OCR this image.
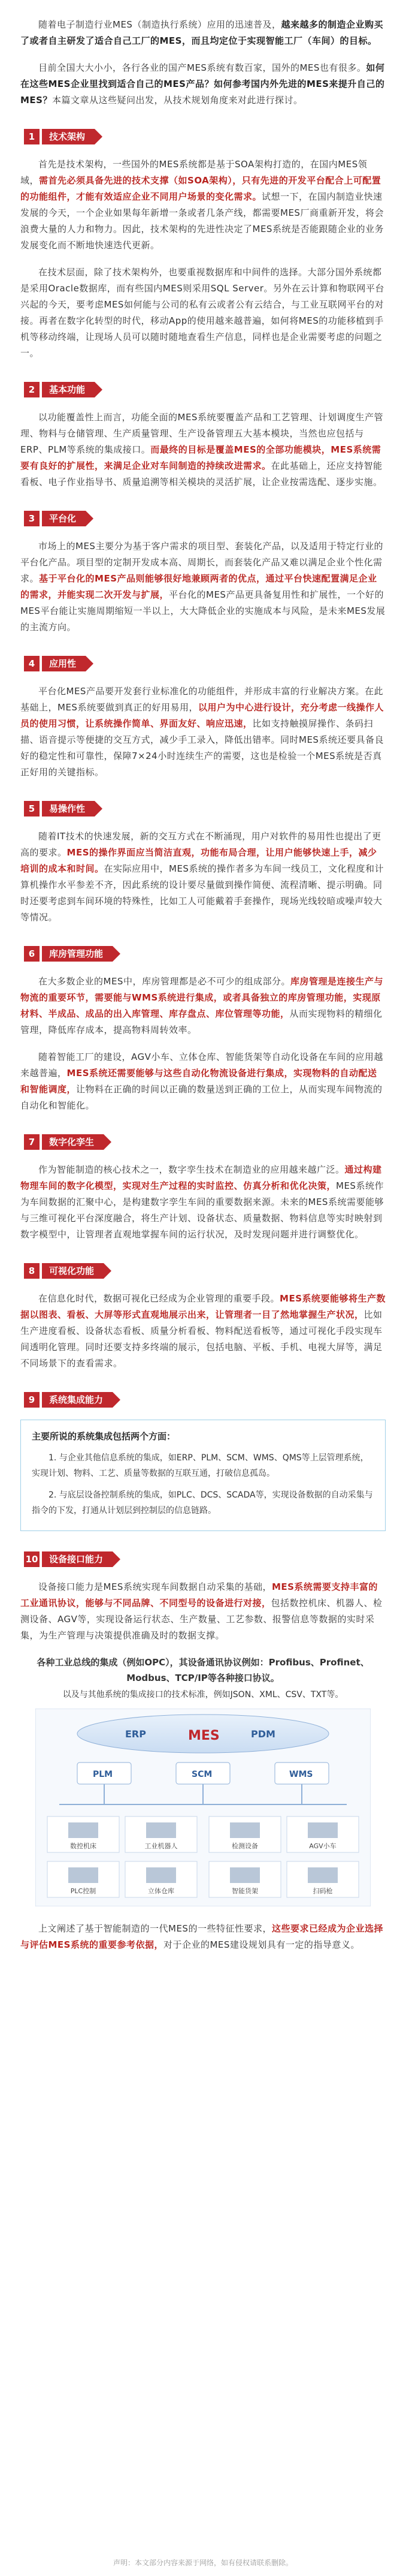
随着电子制造行业MES（制造执行系统）应用的迅速普及，越来越多的制造企业购买了或者自主研发了适合自己工厂的MES，而且均定位于实现智能工厂（车间）的目标。

目前全国大大小小，各行各业的国产MES系统有数百家，国外的MES也有很多。如何在这些MES企业里找到适合自己的MES产品？如何参考国内外先进的MES来提升自己的MES？本篇文章从这些疑问出发，从技术规划角度来对此进行探讨。

1	技术架构

首先是技术架构，一些国外的MES系统都是基于SOA架构打造的，在国内MES领域，需首先必须具备先进的技术支撑（如SOA架构），只有先进的开发平台配合上可配置的功能组件，才能有效适应企业不同用户场景的变化需求。试想一下，在国内制造业快速发展的今天，一个企业如果每年新增一条或者几条产线，都需要MES厂商重新开发，将会浪费大量的人力和物力。因此，技术架构的先进性决定了MES系统是否能跟随企业的业务发展变化而不断地快速迭代更新。

在技术层面，除了技术架构外，也要重视数据库和中间件的选择。大部分国外系统都是采用Oracle数据库，而有些国内MES则采用SQL Server。另外在云计算和物联网平台兴起的今天，要考虑MES如何能与公司的私有云或者公有云结合，与工业互联网平台的对接。再者在数字化转型的时代，移动App的使用越来越普遍，如何将MES的功能移植到手机等移动终端，让现场人员可以随时随地查看生产信息，同样也是企业需要考虑的问题之一。

2	基本功能

以功能覆盖性上而言，功能全面的MES系统要覆盖产品和工艺管理、计划调度生产管理、物料与仓储管理、生产质量管理、生产设备管理五大基本模块，当然也应包括与ERP、PLM等系统的集成接口。而最终的目标是覆盖MES的全部功能模块，MES系统需要有良好的扩展性，来满足企业对车间制造的持续改进需求。在此基础上，还应支持智能看板、电子作业指导书、质量追溯等相关模块的灵活扩展，让企业按需选配、逐步实施。

3	平台化

市场上的MES主要分为基于客户需求的项目型、套装化产品，以及适用于特定行业的平台化产品。项目型的定制开发成本高、周期长，而套装化产品又难以满足企业个性化需求。基于平台化的MES产品则能够很好地兼顾两者的优点，通过平台快速配置满足企业的需求，并能实现二次开发与扩展，平台化的MES产品更具备复用性和扩展性，一个好的MES平台能让实施周期缩短一半以上，大大降低企业的实施成本与风险，是未来MES发展的主流方向。

4	应用性

平台化MES产品要开发套行业标准化的功能组件，并形成丰富的行业解决方案。在此基础上，MES系统要做到真正的好用易用，以用户为中心进行设计，充分考虑一线操作人员的使用习惯，让系统操作简单、界面友好、响应迅速，比如支持触摸屏操作、条码扫描、语音提示等便捷的交互方式，减少手工录入，降低出错率。同时MES系统还要具备良好的稳定性和可靠性，保障7×24小时连续生产的需要，这也是检验一个MES系统是否真正好用的关键指标。

5	易操作性

随着IT技术的快速发展，新的交互方式在不断涌现，用户对软件的易用性也提出了更高的要求。MES的操作界面应当简洁直观，功能布局合理，让用户能够快速上手，减少培训的成本和时间。在实际应用中，MES系统的操作者多为车间一线员工，文化程度和计算机操作水平参差不齐，因此系统的设计要尽量做到操作简便、流程清晰、提示明确。同时还要考虑到车间环境的特殊性，比如工人可能戴着手套操作，现场光线较暗或噪声较大等情况。

6	库房管理功能

在大多数企业的MES中，库房管理都是必不可少的组成部分。库房管理是连接生产与物流的重要环节，需要能与WMS系统进行集成，或者具备独立的库房管理功能，实现原材料、半成品、成品的出入库管理、库存盘点、库位管理等功能，从而实现物料的精细化管理，降低库存成本，提高物料周转效率。

随着智能工厂的建设，AGV小车、立体仓库、智能货架等自动化设备在车间的应用越来越普遍，MES系统还需要能够与这些自动化物流设备进行集成，实现物料的自动配送和智能调度，让物料在正确的时间以正确的数量送到正确的工位上，从而实现车间物流的自动化和智能化。

7	数字化孪生

作为智能制造的核心技术之一，数字孪生技术在制造业的应用越来越广泛。通过构建物理车间的数字化模型，实现对生产过程的实时监控、仿真分析和优化决策，MES系统作为车间数据的汇聚中心，是构建数字孪生车间的重要数据来源。未来的MES系统需要能够与三维可视化平台深度融合，将生产计划、设备状态、质量数据、物料信息等实时映射到数字模型中，让管理者直观地掌握车间的运行状况，及时发现问题并进行调整优化。

8	可视化功能

在信息化时代，数据可视化已经成为企业管理的重要手段。MES系统要能够将生产数据以图表、看板、大屏等形式直观地展示出来，让管理者一目了然地掌握生产状况，比如生产进度看板、设备状态看板、质量分析看板、物料配送看板等，通过可视化手段实现车间透明化管理。同时还要支持多终端的展示，包括电脑、平板、手机、电视大屏等，满足不同场景下的查看需求。

9	系统集成能力

主要所说的系统集成包括两个方面：

1. 与企业其他信息系统的集成，如ERP、PLM、SCM、WMS、QMS等上层管理系统，实现计划、物料、工艺、质量等数据的互联互通，打破信息孤岛。

2. 与底层设备控制系统的集成，如PLC、DCS、SCADA等，实现设备数据的自动采集与指令的下发，打通从计划层到控制层的信息链路。

10	设备接口能力

设备接口能力是MES系统实现车间数据自动采集的基础，MES系统需要支持丰富的工业通讯协议，能够与不同品牌、不同型号的设备进行对接，包括数控机床、机器人、检测设备、AGV等，实现设备运行状态、生产数量、工艺参数、报警信息等数据的实时采集，为生产管理与决策提供准确及时的数据支撑。

各种工业总线的集成（例如OPC），其设备通讯协议例如：Profibus、Profinet、Modbus、TCP/IP等各种接口协议。

以及与其他系统的集成接口的技术标准，例如JSON、XML、CSV、TXT等。

ERP	MES	PDM
PLM	SCM	WMS
数控机床	工业机器人	检测设备	AGV小车
PLC控制	立体仓库	智能货架	扫码枪

上文阐述了基于智能制造的一代MES的一些特征性要求，这些要求已经成为企业选择与评估MES系统的重要参考依据，对于企业的MES建设规划具有一定的指导意义。

声明：本文部分内容来源于网络，如有侵权请联系删除。
